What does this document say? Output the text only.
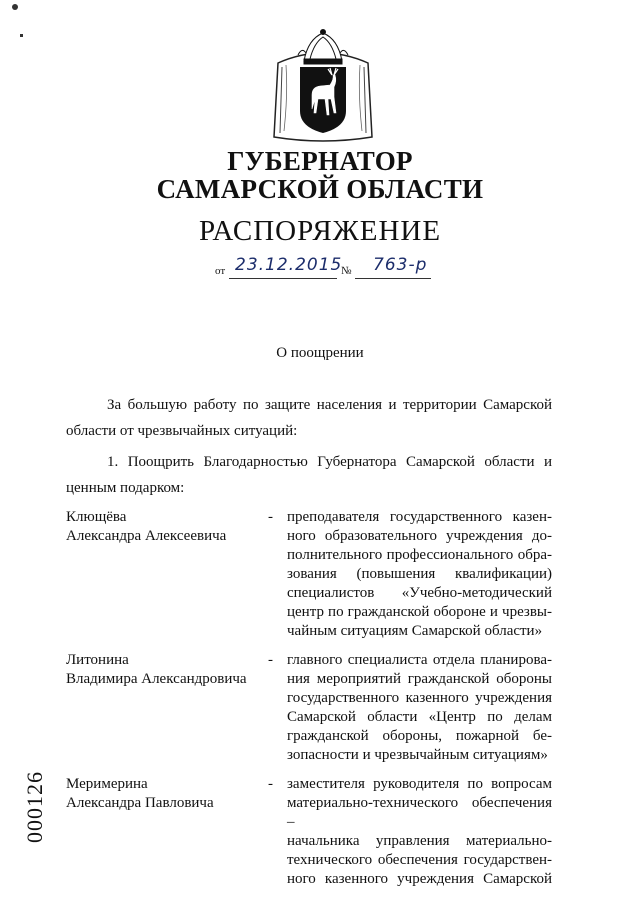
ГУБЕРНАТОР
САМАРСКОЙ ОБЛАСТИ
РАСПОРЯЖЕНИЕ
от 23.12.2015
№ 763-р
О поощрении
За большую работу по защите населения и территории Самарской
области от чрезвычайных ситуаций:
1. Поощрить Благодарностью Губернатора Самарской области и
ценным подарком:
Клющёва
Александра Алексеевича
- преподавателя государственного казен-
ного образовательного учреждения до-
полнительного профессионального обра-
зования (повышения квалификации)
специалистов «Учебно-методический
центр по гражданской обороне и чрезвы-
чайным ситуациям Самарской области»
Литонина
Владимира Александровича
- главного специалиста отдела планирова-
ния мероприятий гражданской обороны
государственного казенного учреждения
Самарской области «Центр по делам
гражданской обороны, пожарной бе-
зопасности и чрезвычайным ситуациям»
Меримерина
Александра Павловича
- заместителя руководителя по вопросам
материально-технического обеспечения –
начальника управления материально-
технического обеспечения государствен-
ного казенного учреждения Самарской
000126
